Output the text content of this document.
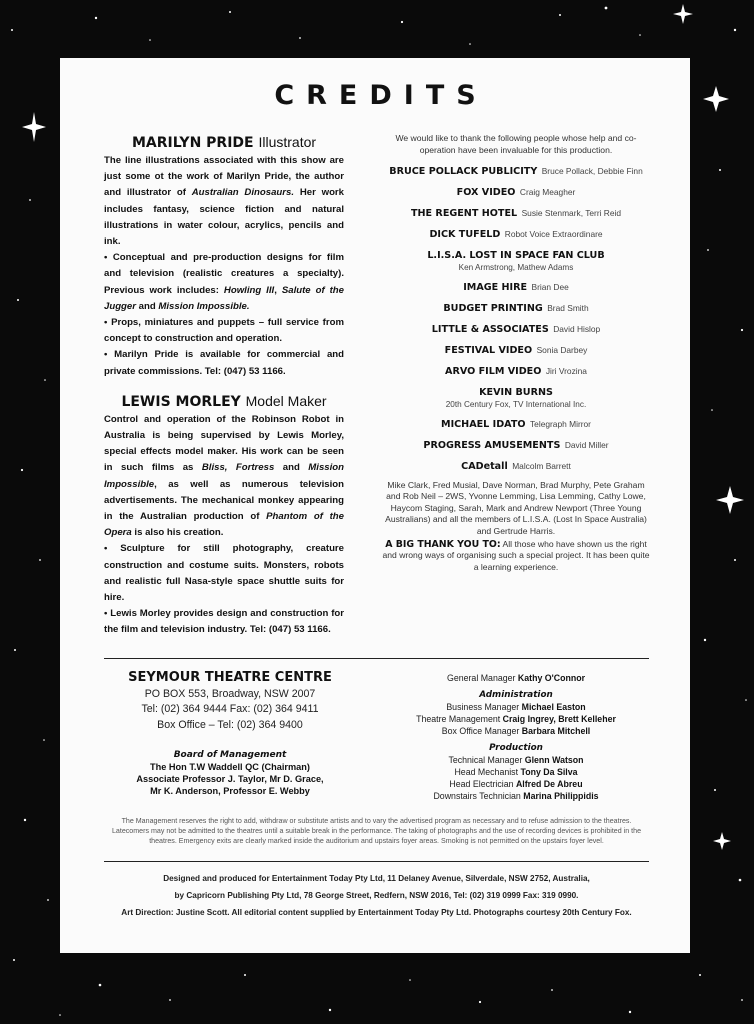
CREDITS
MARILYN PRIDE Illustrator

The line illustrations associated with this show are just some ot the work of Marilyn Pride, the author and illustrator of Australian Dinosaurs. Her work includes fantasy, science fiction and natural illustrations in water colour, acrylics, pencils and ink.

• Conceptual and pre-production designs for film and television (realistic creatures a specialty). Previous work includes: Howling III, Salute of the Jugger and Mission Impossible.

• Props, miniatures and puppets – full service from concept to construction and operation.

• Marilyn Pride is available for commercial and private commissions. Tel: (047) 53 1166.

LEWIS MORLEY Model Maker

Control and operation of the Robinson Robot in Australia is being supervised by Lewis Morley, special effects model maker. His work can be seen in such films as Bliss, Fortress and Mission Impossible, as well as numerous television advertisements. The mechanical monkey appearing in the Australian production of Phantom of the Opera is also his creation.

• Sculpture for still photography, creature construction and costume suits. Monsters, robots and realistic full Nasa-style space shuttle suits for hire.

• Lewis Morley provides design and construction for the film and television industry. Tel: (047) 53 1166.

We would like to thank the following people whose help and co-operation have been invaluable for this production.

BRUCE POLLACK PUBLICITY Bruce Pollack, Debbie Finn
FOX VIDEO Craig Meagher
THE REGENT HOTEL Susie Stenmark, Terri Reid
DICK TUFELD Robot Voice Extraordinare
L.I.S.A. LOST IN SPACE FAN CLUB
Ken Armstrong, Mathew Adams
IMAGE HIRE Brian Dee
BUDGET PRINTING Brad Smith
LITTLE & ASSOCIATES David Hislop
FESTIVAL VIDEO Sonia Darbey
ARVO FILM VIDEO Jiri Vrozina
KEVIN BURNS
20th Century Fox, TV International Inc.
MICHAEL IDATO Telegraph Mirror
PROGRESS AMUSEMENTS David Miller
CADetall Malcolm Barrett

Mike Clark, Fred Musial, Dave Norman, Brad Murphy, Pete Graham and Rob Neil – 2WS, Yvonne Lemming, Lisa Lemming, Cathy Lowe, Haycom Staging, Sarah, Mark and Andrew Newport (Three Young Australians) and all the members of L.I.S.A. (Lost In Space Australia) and Gertrude Harris.

A BIG THANK YOU TO: All those who have shown us the right and wrong ways of organising such a special project. It has been quite a learning experience.

SEYMOUR THEATRE CENTRE

PO BOX 553, Broadway, NSW 2007

Tel: (02) 364 9444 Fax: (02) 364 9411

Box Office – Tel: (02) 364 9400

Board of Management
The Hon T.W Waddell QC (Chairman)
Associate Professor J. Taylor, Mr D. Grace,
Mr K. Anderson, Professor E. Webby
General Manager Kathy O'Connor
Administration
Business Manager Michael Easton
Theatre Management Craig Ingrey, Brett Kelleher
Box Office Manager Barbara Mitchell
Production
Technical Manager Glenn Watson
Head Mechanist Tony Da Silva
Head Electrician Alfred De Abreu
Downstairs Technician Marina Philippidis
The Management reserves the right to add, withdraw or substitute artists and to vary the advertised program as necessary and to refuse admission to the theatres. Latecomers may not be admitted to the theatres until a suitable break in the performance. The taking of photographs and the use of recording devices is prohibited in the theatres. Emergency exits are clearly marked inside the auditorium and upstairs foyer areas. Smoking is not permitted on the upstairs foyer level.
Designed and produced for Entertainment Today Pty Ltd, 11 Delaney Avenue, Silverdale, NSW 2752, Australia,
by Capricorn Publishing Pty Ltd, 78 George Street, Redfern, NSW 2016, Tel: (02) 319 0999 Fax: 319 0990.
Art Direction: Justine Scott. All editorial content supplied by Entertainment Today Pty Ltd. Photographs courtesy 20th Century Fox.
